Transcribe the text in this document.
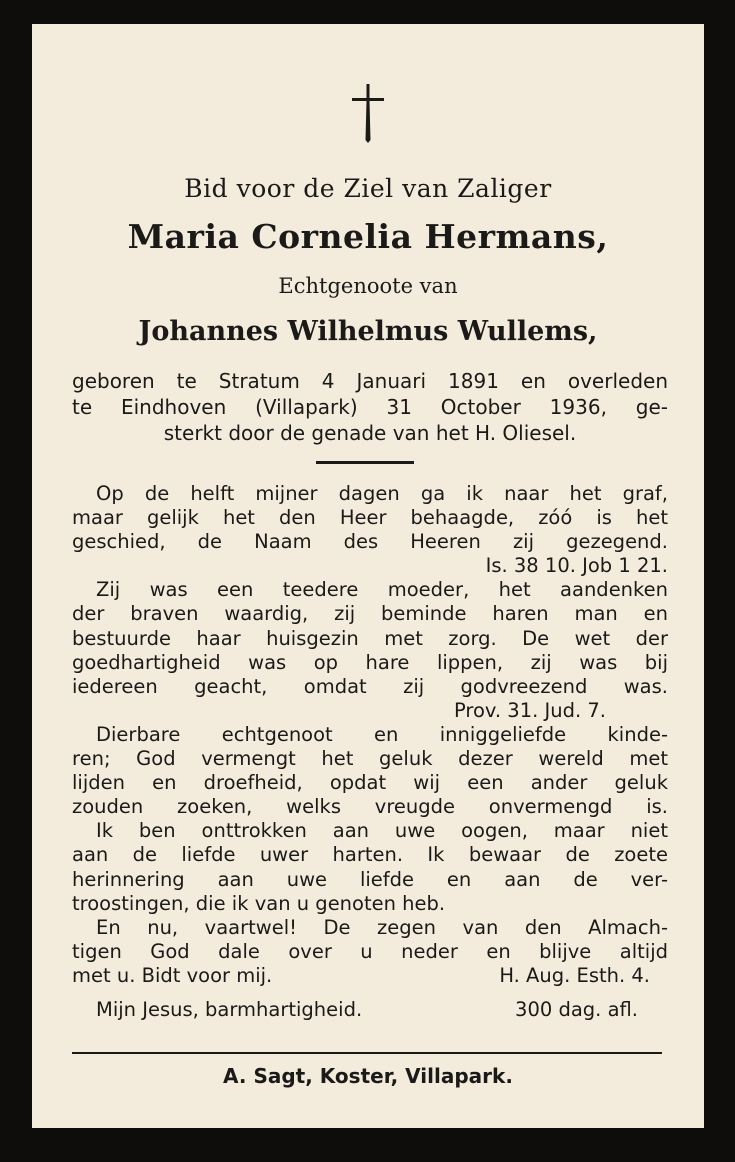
Bid voor de Ziel van Zaliger
Maria Cornelia Hermans,
Echtgenoote van
Johannes Wilhelmus Wullems,
geboren te Stratum 4 Januari 1891 en overleden
te Eindhoven (Villapark) 31 October 1936, ge-
sterkt door de genade van het H. Oliesel.
Op de helft mijner dagen ga ik naar het graf,
maar gelijk het den Heer behaagde, zóó is het
geschied, de Naam des Heeren zij gezegend.
Is. 38 10. Job 1 21.
Zij was een teedere moeder, het aandenken
der braven waardig, zij beminde haren man en
bestuurde haar huisgezin met zorg. De wet der
goedhartigheid was op hare lippen, zij was bij
iedereen geacht, omdat zij godvreezend was.
Prov. 31. Jud. 7.
Dierbare echtgenoot en inniggeliefde kinde-
ren; God vermengt het geluk dezer wereld met
lijden en droefheid, opdat wij een ander geluk
zouden zoeken, welks vreugde onvermengd is.
Ik ben onttrokken aan uwe oogen, maar niet
aan de liefde uwer harten. Ik bewaar de zoete
herinnering aan uwe liefde en aan de ver-
troostingen, die ik van u genoten heb.
En nu, vaartwel! De zegen van den Almach-
tigen God dale over u neder en blijve altijd
met u. Bidt voor mij.	H. Aug. Esth. 4.
Mijn Jesus, barmhartigheid.	300 dag. afl.
A. Sagt, Koster, Villapark.
